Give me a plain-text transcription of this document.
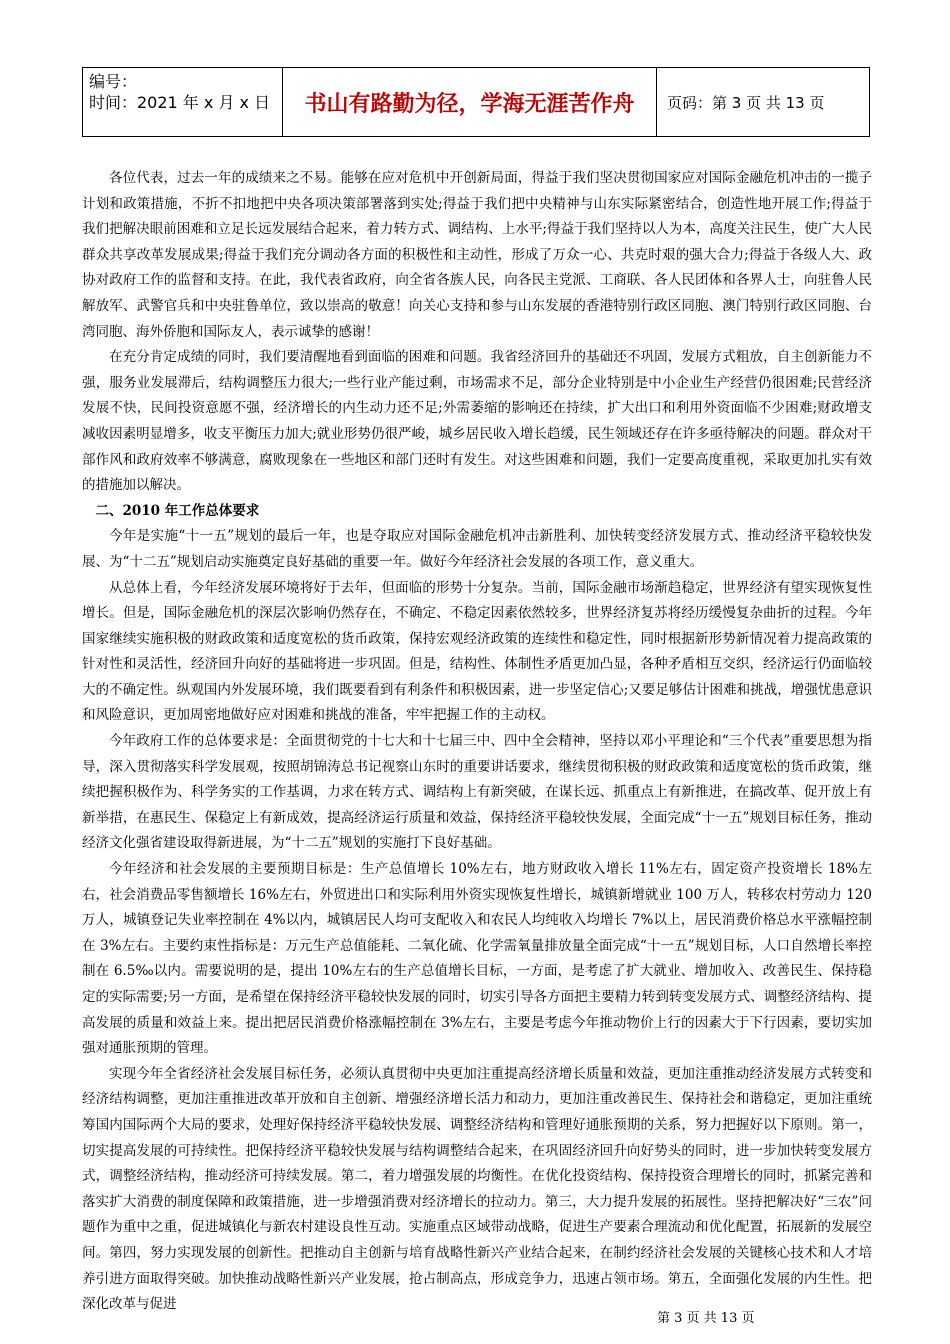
编号：
时间：2021 年 x 月 x 日	书山有路勤为径，学海无涯苦作舟	页码：第 3 页 共 13 页

各位代表，过去一年的成绩来之不易。能够在应对危机中开创新局面，得益于我们坚决贯彻国家应对国际金融危机冲击的一揽子计划和政策措施，不折不扣地把中央各项决策部署落到实处;得益于我们把中央精神与山东实际紧密结合，创造性地开展工作;得益于我们把解决眼前困难和立足长远发展结合起来，着力转方式、调结构、上水平;得益于我们坚持以人为本，高度关注民生，使广大人民群众共享改革发展成果;得益于我们充分调动各方面的积极性和主动性，形成了万众一心、共克时艰的强大合力;得益于各级人大、政协对政府工作的监督和支持。在此，我代表省政府，向全省各族人民，向各民主党派、工商联、各人民团体和各界人士，向驻鲁人民解放军、武警官兵和中央驻鲁单位，致以崇高的敬意！向关心支持和参与山东发展的香港特别行政区同胞、澳门特别行政区同胞、台湾同胞、海外侨胞和国际友人，表示诚挚的感谢！

在充分肯定成绩的同时，我们要清醒地看到面临的困难和问题。我省经济回升的基础还不巩固，发展方式粗放，自主创新能力不强，服务业发展滞后，结构调整压力很大;一些行业产能过剩，市场需求不足，部分企业特别是中小企业生产经营仍很困难;民营经济发展不快，民间投资意愿不强，经济增长的内生动力还不足;外需萎缩的影响还在持续，扩大出口和利用外资面临不少困难;财政增支减收因素明显增多，收支平衡压力加大;就业形势仍很严峻，城乡居民收入增长趋缓，民生领域还存在许多亟待解决的问题。群众对干部作风和政府效率不够满意，腐败现象在一些地区和部门还时有发生。对这些困难和问题，我们一定要高度重视，采取更加扎实有效的措施加以解决。

二、2010 年工作总体要求

今年是实施“十一五”规划的最后一年，也是夺取应对国际金融危机冲击新胜利、加快转变经济发展方式、推动经济平稳较快发展、为“十二五”规划启动实施奠定良好基础的重要一年。做好今年经济社会发展的各项工作，意义重大。

从总体上看，今年经济发展环境将好于去年，但面临的形势十分复杂。当前，国际金融市场渐趋稳定，世界经济有望实现恢复性增长。但是，国际金融危机的深层次影响仍然存在，不确定、不稳定因素依然较多，世界经济复苏将经历缓慢复杂曲折的过程。今年国家继续实施积极的财政政策和适度宽松的货币政策，保持宏观经济政策的连续性和稳定性，同时根据新形势新情况着力提高政策的针对性和灵活性，经济回升向好的基础将进一步巩固。但是，结构性、体制性矛盾更加凸显，各种矛盾相互交织，经济运行仍面临较大的不确定性。纵观国内外发展环境，我们既要看到有利条件和积极因素，进一步坚定信心;又要足够估计困难和挑战，增强忧患意识和风险意识，更加周密地做好应对困难和挑战的准备，牢牢把握工作的主动权。

今年政府工作的总体要求是：全面贯彻党的十七大和十七届三中、四中全会精神，坚持以邓小平理论和“三个代表”重要思想为指导，深入贯彻落实科学发展观，按照胡锦涛总书记视察山东时的重要讲话要求，继续贯彻积极的财政政策和适度宽松的货币政策，继续把握积极作为、科学务实的工作基调，力求在转方式、调结构上有新突破，在谋长远、抓重点上有新推进，在搞改革、促开放上有新举措，在惠民生、保稳定上有新成效，提高经济运行质量和效益，保持经济平稳较快发展，全面完成“十一五”规划目标任务，推动经济文化强省建设取得新进展，为“十二五”规划的实施打下良好基础。

今年经济和社会发展的主要预期目标是：生产总值增长 10%左右，地方财政收入增长 11%左右，固定资产投资增长 18%左右，社会消费品零售额增长 16%左右，外贸进出口和实际利用外资实现恢复性增长，城镇新增就业 100 万人，转移农村劳动力 120 万人，城镇登记失业率控制在 4%以内，城镇居民人均可支配收入和农民人均纯收入均增长 7%以上，居民消费价格总水平涨幅控制在 3%左右。主要约束性指标是：万元生产总值能耗、二氧化硫、化学需氧量排放量全面完成“十一五”规划目标，人口自然增长率控制在 6.5‰以内。需要说明的是，提出 10%左右的生产总值增长目标，一方面，是考虑了扩大就业、增加收入、改善民生、保持稳定的实际需要;另一方面，是希望在保持经济平稳较快发展的同时，切实引导各方面把主要精力转到转变发展方式、调整经济结构、提高发展的质量和效益上来。提出把居民消费价格涨幅控制在 3%左右，主要是考虑今年推动物价上行的因素大于下行因素，要切实加强对通胀预期的管理。

实现今年全省经济社会发展目标任务，必须认真贯彻中央更加注重提高经济增长质量和效益，更加注重推动经济发展方式转变和经济结构调整，更加注重推进改革开放和自主创新、增强经济增长活力和动力，更加注重改善民生、保持社会和谐稳定，更加注重统筹国内国际两个大局的要求，处理好保持经济平稳较快发展、调整经济结构和管理好通胀预期的关系，努力把握好以下原则。第一，切实提高发展的可持续性。把保持经济平稳较快发展与结构调整结合起来，在巩固经济回升向好势头的同时，进一步加快转变发展方式，调整经济结构，推动经济可持续发展。第二，着力增强发展的均衡性。在优化投资结构、保持投资合理增长的同时，抓紧完善和落实扩大消费的制度保障和政策措施，进一步增强消费对经济增长的拉动力。第三，大力提升发展的拓展性。坚持把解决好“三农”问题作为重中之重，促进城镇化与新农村建设良性互动。实施重点区域带动战略，促进生产要素合理流动和优化配置，拓展新的发展空间。第四，努力实现发展的创新性。把推动自主创新与培育战略性新兴产业结合起来，在制约经济社会发展的关键核心技术和人才培养引进方面取得突破。加快推动战略性新兴产业发展，抢占制高点，形成竞争力，迅速占领市场。第五，全面强化发展的内生性。把深化改革与促进

第 3 页 共 13 页
